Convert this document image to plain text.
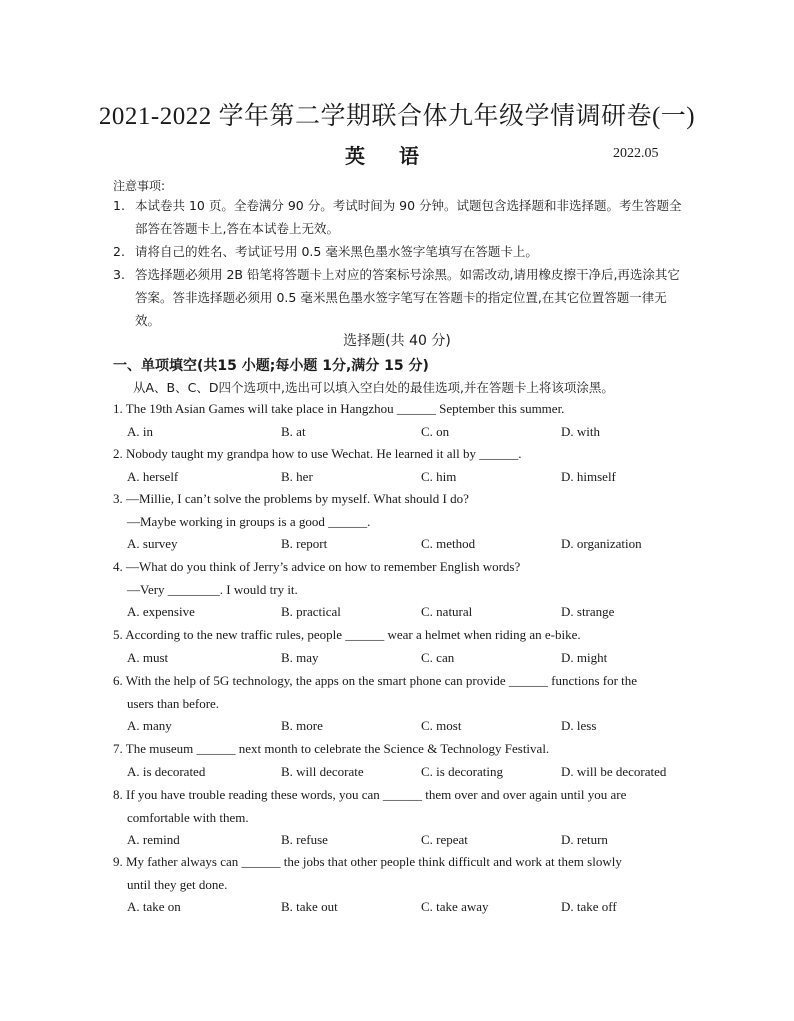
2021-2022 学年第二学期联合体九年级学情调研卷(一)
英语	2022.05
注意事项:
1. 本试卷共 10 页。全卷满分 90 分。考试时间为 90 分钟。试题包含选择题和非选择题。考生答题全部答在答题卡上,答在本试卷上无效。
2. 请将自己的姓名、考试证号用 0.5 毫米黑色墨水签字笔填写在答题卡上。
3. 答选择题必须用 2B 铅笔将答题卡上对应的答案标号涂黑。如需改动,请用橡皮擦干净后,再选涂其它答案。答非选择题必须用 0.5 毫米黑色墨水签字笔写在答题卡的指定位置,在其它位置答题一律无效。
选择题(共 40 分)
一、单项填空(共15 小题;每小题 1分,满分 15 分)
从A、B、C、D四个选项中,选出可以填入空白处的最佳选项,并在答题卡上将该项涂黑。
1. The 19th Asian Games will take place in Hangzhou ______ September this summer.
A. in	B. at	C. on	D. with
2. Nobody taught my grandpa how to use Wechat. He learned it all by ______.
A. herself	B. her	C. him	D. himself
3. —Millie, I can’t solve the problems by myself. What should I do?
—Maybe working in groups is a good ______.
A. survey	B. report	C. method	D. organization
4. —What do you think of Jerry’s advice on how to remember English words?
—Very ________. I would try it.
A. expensive	B. practical	C. natural	D. strange
5. According to the new traffic rules, people ______ wear a helmet when riding an e-bike.
A. must	B. may	C. can	D. might
6. With the help of 5G technology, the apps on the smart phone can provide ______ functions for the
users than before.
A. many	B. more	C. most	D. less
7. The museum ______ next month to celebrate the Science & Technology Festival.
A. is decorated	B. will decorate	C. is decorating	D. will be decorated
8. If you have trouble reading these words, you can ______ them over and over again until you are
comfortable with them.
A. remind	B. refuse	C. repeat	D. return
9. My father always can ______ the jobs that other people think difficult and work at them slowly
until they get done.
A. take on	B. take out	C. take away	D. take off
